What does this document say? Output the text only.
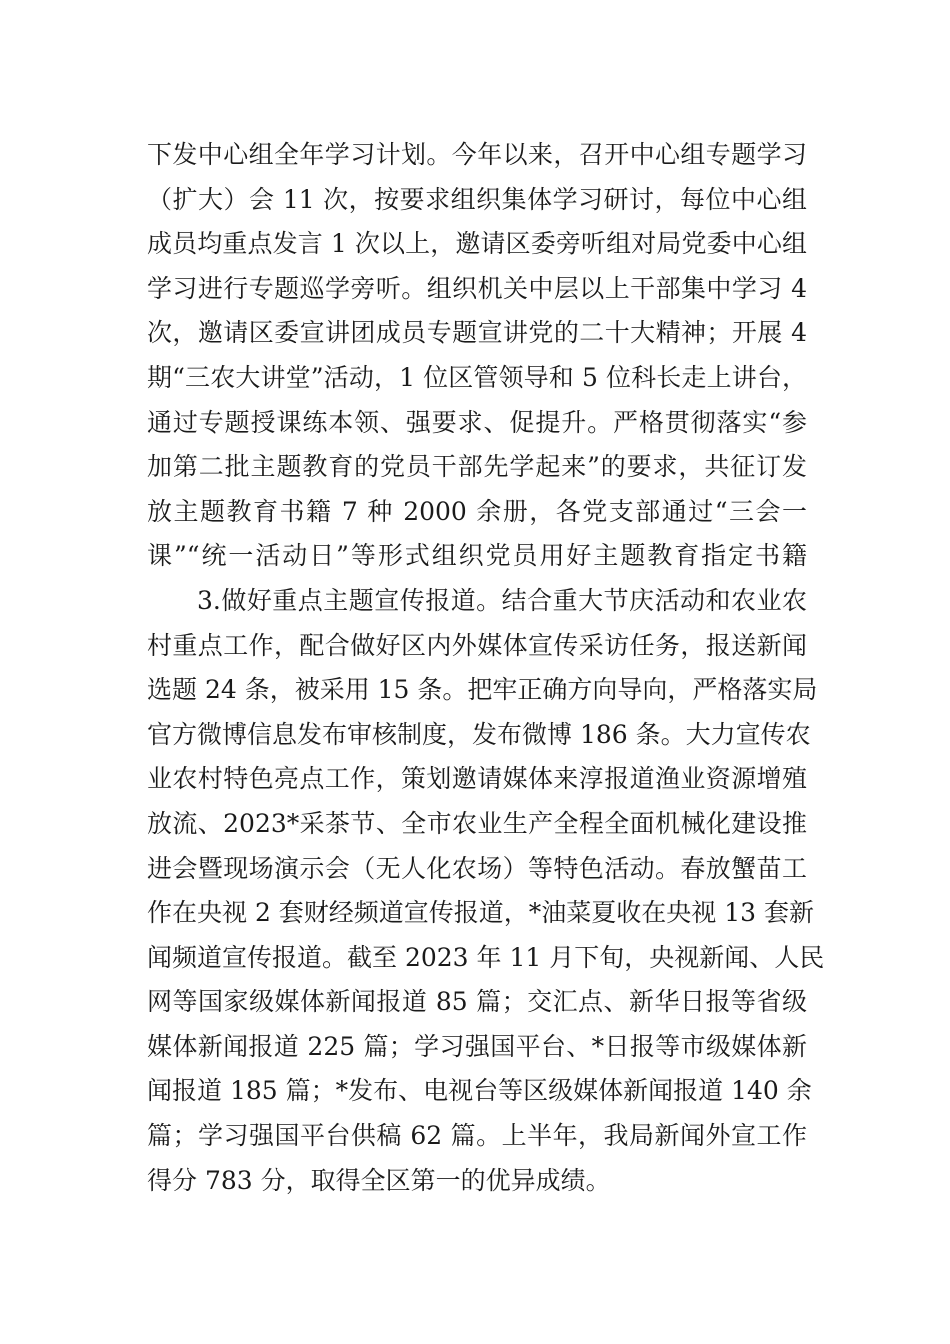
下发中心组全年学习计划。今年以来，召开中心组专题学习
（扩大）会 11 次，按要求组织集体学习研讨，每位中心组
成员均重点发言 1 次以上，邀请区委旁听组对局党委中心组
学习进行专题巡学旁听。组织机关中层以上干部集中学习 4
次，邀请区委宣讲团成员专题宣讲党的二十大精神；开展 4
期“三农大讲堂”活动，1 位区管领导和 5 位科长走上讲台，
通过专题授课练本领、强要求、促提升。严格贯彻落实“参
加第二批主题教育的党员干部先学起来”的要求，共征订发
放主题教育书籍 7 种 2000 余册，各党支部通过“三会一
课”“统一活动日”等形式组织党员用好主题教育指定书籍
3.做好重点主题宣传报道。结合重大节庆活动和农业农
村重点工作，配合做好区内外媒体宣传采访任务，报送新闻
选题 24 条，被采用 15 条。把牢正确方向导向，严格落实局
官方微博信息发布审核制度，发布微博 186 条。大力宣传农
业农村特色亮点工作，策划邀请媒体来淳报道渔业资源增殖
放流、2023*采茶节、全市农业生产全程全面机械化建设推
进会暨现场演示会（无人化农场）等特色活动。春放蟹苗工
作在央视 2 套财经频道宣传报道，*油菜夏收在央视 13 套新
闻频道宣传报道。截至 2023 年 11 月下旬，央视新闻、人民
网等国家级媒体新闻报道 85 篇；交汇点、新华日报等省级
媒体新闻报道 225 篇；学习强国平台、*日报等市级媒体新
闻报道 185 篇；*发布、电视台等区级媒体新闻报道 140 余
篇；学习强国平台供稿 62 篇。上半年，我局新闻外宣工作
得分 783 分，取得全区第一的优异成绩。
